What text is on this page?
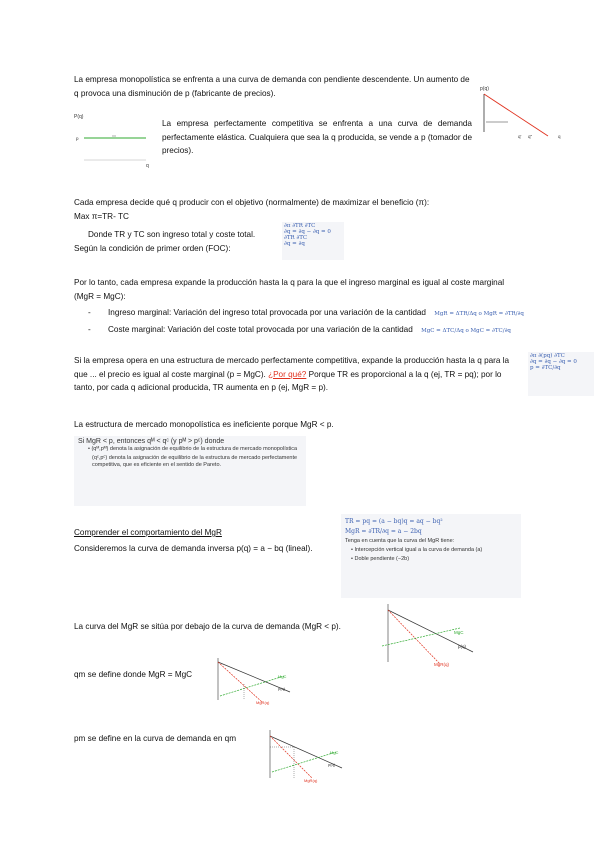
La empresa monopolística se enfrenta a una curva de demanda con pendiente descendente. Un aumento de q provoca una disminución de p (fabricante de precios).	p(q)
q' q''	q
P(q)
p
q

La empresa perfectamente competitiva se enfrenta a una curva de demanda perfectamente elástica. Cualquiera que sea la q producida, se vende a p (tomador de precios).

Cada empresa decide qué q producir con el objetivo (normalmente) de maximizar el beneficio (π):

Max π=TR- TC

Donde TR y TC son ingreso total y coste total.

Según la condición de primer orden (FOC):

∂π ∂TR ∂TC
∂q = ∂q − ∂q = 0
∂TR ∂TC
∂q = ∂q

Por lo tanto, cada empresa expande la producción hasta la q para la que el ingreso marginal es igual al coste marginal (MgR = MgC):

- Ingreso marginal: Variación del ingreso total provocada por una variación de la cantidad MgR = ΔTR/Δq o MgR = ∂TR/∂q
- Coste marginal: Variación del coste total provocada por una variación de la cantidad MgC = ΔTC/Δq o MgC = ∂TC/∂q

Si la empresa opera en una estructura de mercado perfectamente competitiva, expande la producción hasta la q para la que ... el precio es igual al coste marginal (p = MgC). ¿Por qué? Porque TR es proporcional a la q (ej, TR = pq); por lo tanto, por cada q adicional producida, TR aumenta en p (ej, MgR = p).

∂π ∂(pq) ∂TC
∂q = ∂q − ∂q = 0
p = ∂TC/∂q

La estructura de mercado monopolística es ineficiente porque MgR < p.

Si MgR < p, entonces qᴹ < qᶜ (y pᴹ > pᶜ) donde
• (qᴹ,pᴹ) denota la asignación de equilibrio de la estructura de mercado monopolística
(qᶜ,pᶜ) denota la asignación de equilibrio de la estructura de mercado perfectamente competitiva, que es eficiente en el sentido de Pareto.

Comprender el comportamiento del MgR

Consideremos la curva de demanda inversa p(q) = a − bq (lineal).

TR = pq = (a − bq)q = aq − bq²
MgR = ∂TR/∂q = a − 2bq
Tenga en cuenta que la curva del MgR tiene:
• Intercepción vertical igual a la curva de demanda (a)
• Doble pendiente (−2b)

La curva del MgR se sitúa por debajo de la curva de demanda (MgR < p).

MgC
p(q)
MgR(q)

qm se define donde MgR = MgC	MgC
p(q)
MgR(q)

pm se define en la curva de demanda en qm

MgC
p(q)
MgR(q)
